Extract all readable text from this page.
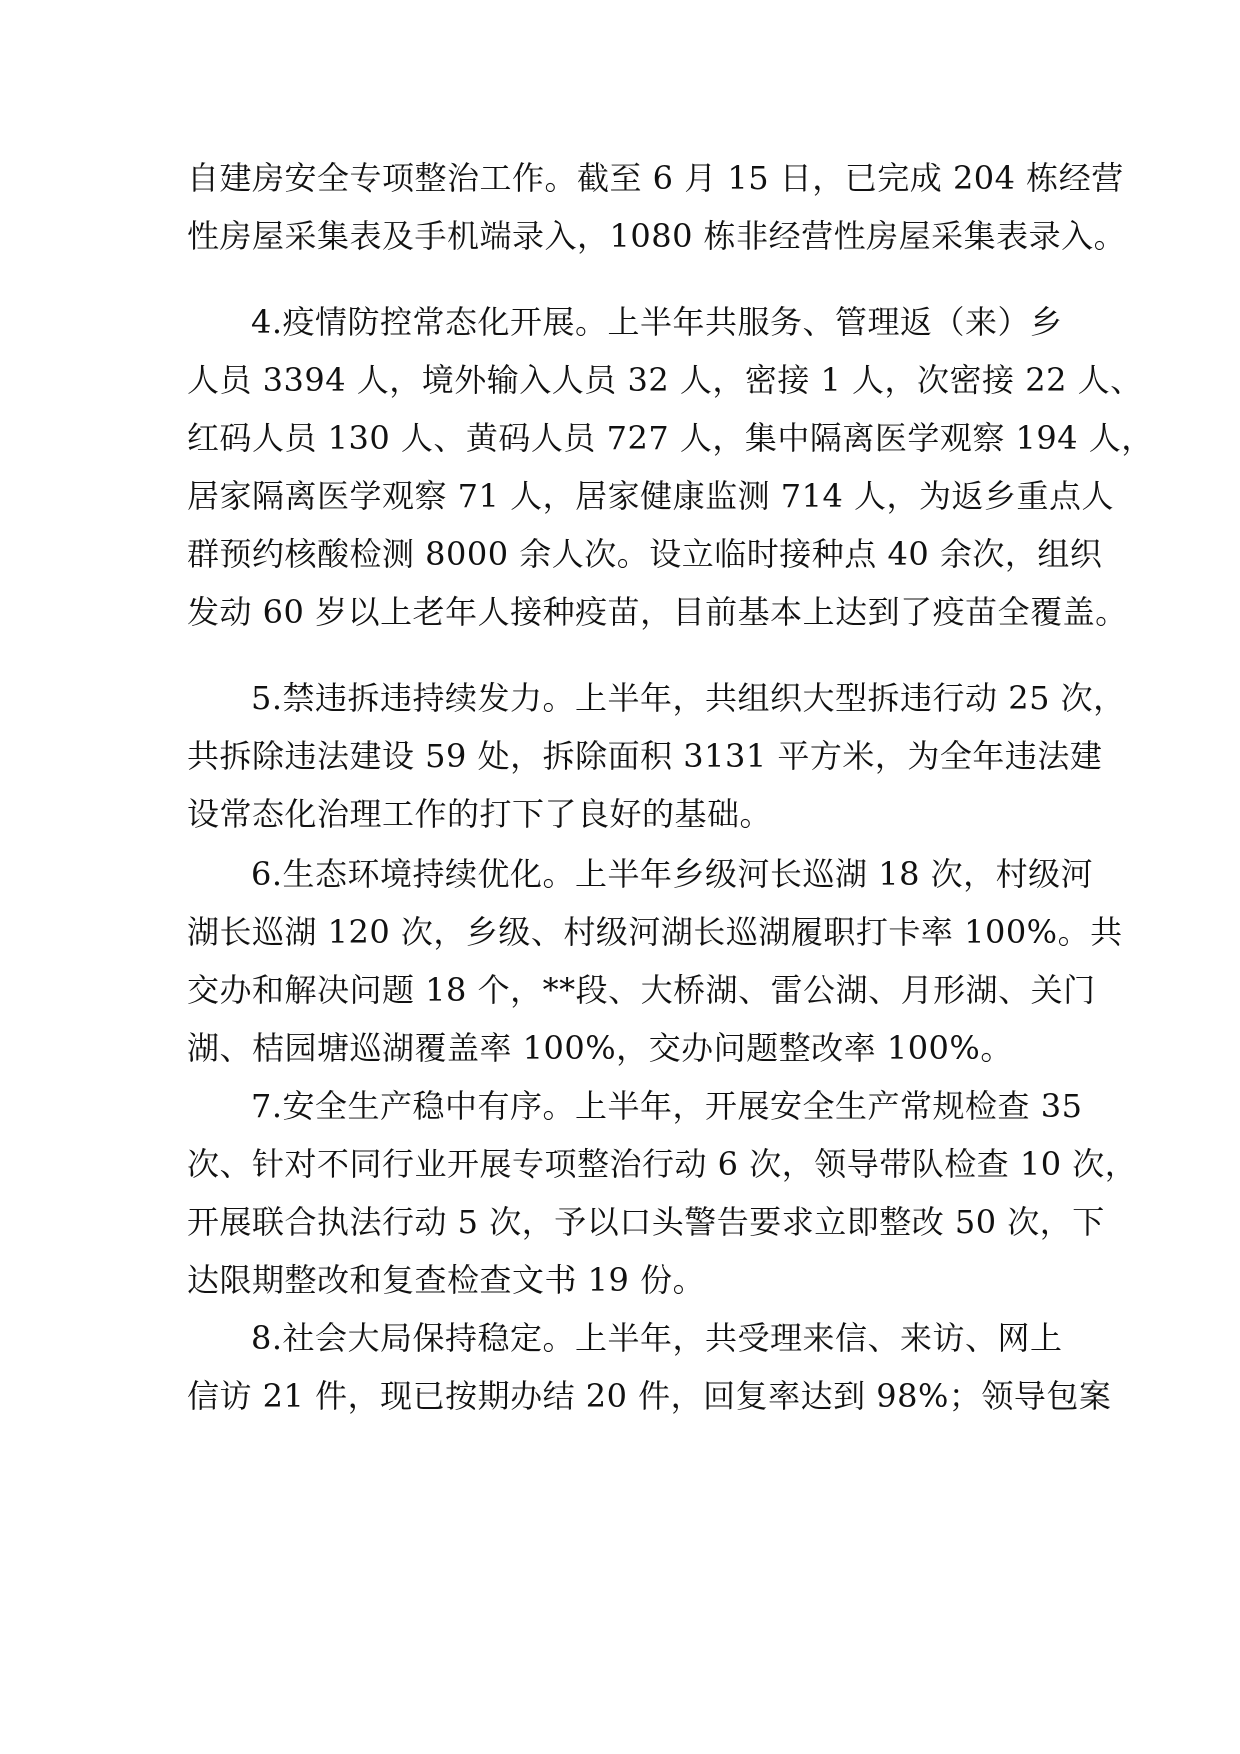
自建房安全专项整治工作。截至 6 月 15 日，已完成 204 栋经营
性房屋采集表及手机端录入，1080 栋非经营性房屋采集表录入。
4.疫情防控常态化开展。上半年共服务、管理返（来）乡
人员 3394 人，境外输入人员 32 人，密接 1 人，次密接 22 人、
红码人员 130 人、黄码人员 727 人，集中隔离医学观察 194 人，
居家隔离医学观察 71 人，居家健康监测 714 人，为返乡重点人
群预约核酸检测 8000 余人次。设立临时接种点 40 余次，组织
发动 60 岁以上老年人接种疫苗，目前基本上达到了疫苗全覆盖。
5.禁违拆违持续发力。上半年，共组织大型拆违行动 25 次，
共拆除违法建设 59 处，拆除面积 3131 平方米，为全年违法建
设常态化治理工作的打下了良好的基础。
6.生态环境持续优化。上半年乡级河长巡湖 18 次，村级河
湖长巡湖 120 次，乡级、村级河湖长巡湖履职打卡率 100%。共
交办和解决问题 18 个，**段、大桥湖、雷公湖、月形湖、关门
湖、桔园塘巡湖覆盖率 100%，交办问题整改率 100%。
7.安全生产稳中有序。上半年，开展安全生产常规检查 35
次、针对不同行业开展专项整治行动 6 次，领导带队检查 10 次，
开展联合执法行动 5 次，予以口头警告要求立即整改 50 次，下
达限期整改和复查检查文书 19 份。
8.社会大局保持稳定。上半年，共受理来信、来访、网上
信访 21 件，现已按期办结 20 件，回复率达到 98%；领导包案
